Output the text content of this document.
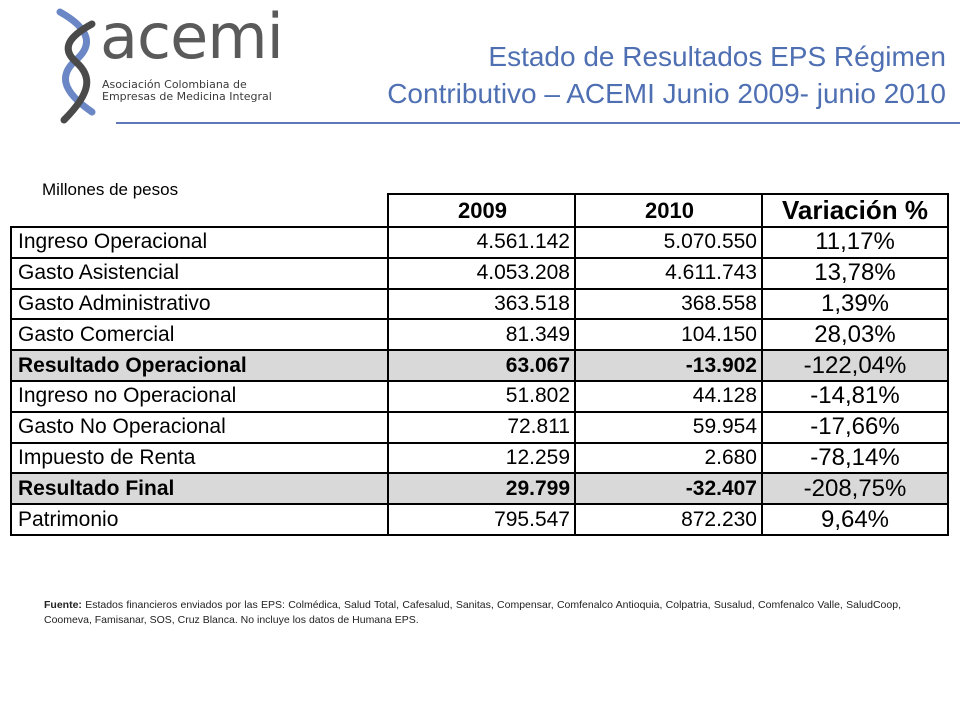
acemi
Asociación Colombiana de
Empresas de Medicina Integral
Estado de Resultados EPS Régimen
Contributivo – ACEMI Junio 2009- junio 2010
Millones de pesos
	2009	2010	Variación %
Ingreso Operacional	4.561.142	5.070.550	11,17%
Gasto Asistencial	4.053.208	4.611.743	13,78%
Gasto Administrativo	363.518	368.558	1,39%
Gasto Comercial	81.349	104.150	28,03%
Resultado Operacional	63.067	-13.902	-122,04%
Ingreso no Operacional	51.802	44.128	-14,81%
Gasto No Operacional	72.811	59.954	-17,66%
Impuesto de Renta	12.259	2.680	-78,14%
Resultado Final	29.799	-32.407	-208,75%
Patrimonio	795.547	872.230	9,64%
Fuente: Estados financieros enviados por las EPS: Colmédica, Salud Total, Cafesalud, Sanitas, Compensar, Comfenalco Antioquia, Colpatria, Susalud, Comfenalco Valle, SaludCoop, Coomeva, Famisanar, SOS, Cruz Blanca. No incluye los datos de Humana EPS.
